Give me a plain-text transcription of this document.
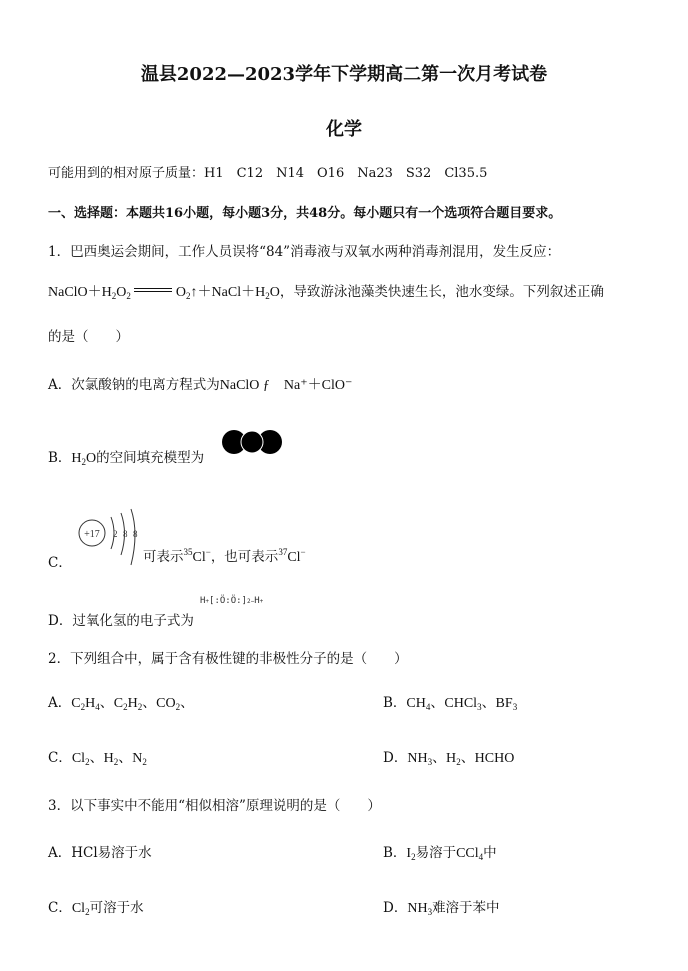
温县2022—2023学年下学期高二第一次月考试卷
化学
可能用到的相对原子质量：H1　C12　N14　O16　Na23　S32　Cl35.5
一、选择题：本题共16小题，每小题3分，共48分。每小题只有一个选项符合题目要求。
1．巴西奥运会期间，工作人员误将“84”消毒液与双氧水两种消毒剂混用，发生反应：
$NaClO+H_2O_2$	$O_2↑+NaCl+H_2O$，导致游泳池藻类快速生长，池水变绿。下列叙述正确
的是（　　）
A．次氯酸钠的电离方程式为NaClO ƒ　Na⁺＋ClO⁻
B．$H_2O$的空间填充模型为
C．
+17 2 8 8
可表示$^{35}$Cl−，也可表示$^{37}$Cl−
D．过氧化氢的电子式为
H+[:Ö:Ö:]2−H+
2．下列组合中，属于含有极性键的非极性分子的是（　　）
A．$C_2H_4$、$C_2H_2$、$CO_2$、	B．$CH_4$、CHCl$_3$、$BF_3$
C．$Cl_2$、$H_2$、$N_2$	D．$NH_3$、$H_2$、HCHO
3．以下事实中不能用“相似相溶”原理说明的是（　　）
A．HCl易溶于水	B．$I_2$易溶于CCl$_4$中
C．$Cl_2$可溶于水	D．$NH_3$难溶于苯中
